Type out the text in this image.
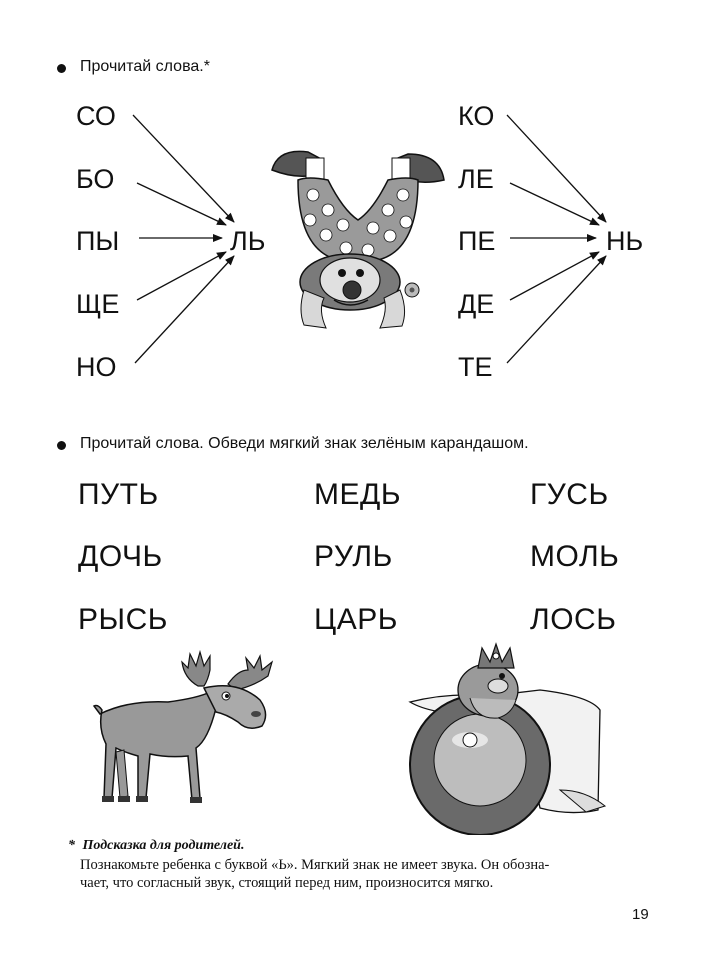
Прочитай слова.*
СО
БО
ПЫ
ЩЕ
НО
ЛЬ
КО
ЛЕ
ПЕ
ДЕ
ТЕ
НЬ
Прочитай слова. Обведи мягкий знак зелёным карандашом.
ПУТЬ	МЕДЬ	ГУСЬ
ДОЧЬ	РУЛЬ	МОЛЬ
РЫСЬ	ЦАРЬ	ЛОСЬ
* Подсказка для родителей.
Познакомьте ребенка с буквой «Ь». Мягкий знак не имеет звука. Он обозна-
чает, что согласный звук, стоящий перед ним, произносится мягко.
19
